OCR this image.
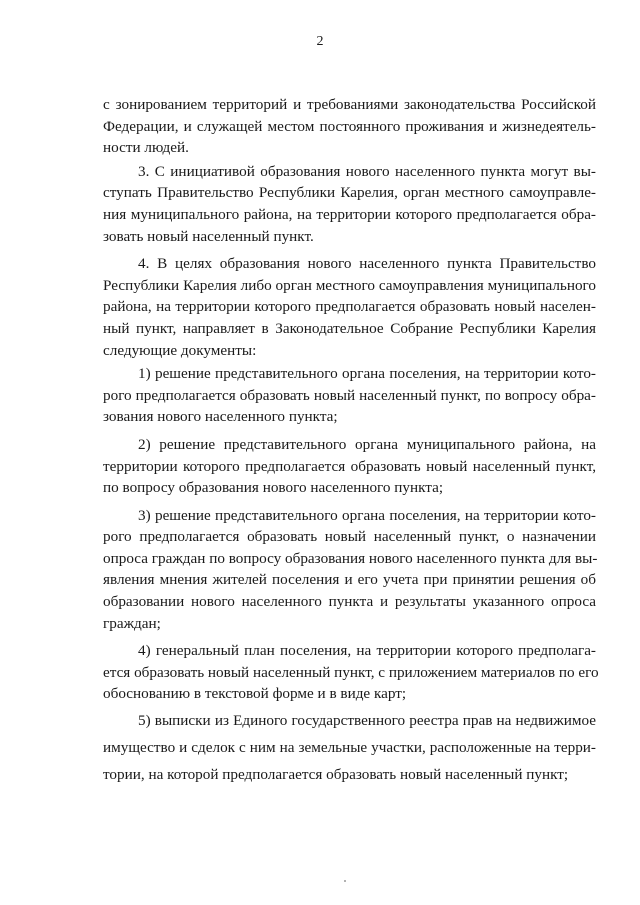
2
с зонированием территорий и требованиями законодательства Российской
Федерации, и служащей местом постоянного проживания и жизнедеятель-
ности людей.
3. С инициативой образования нового населенного пункта могут вы-
ступать Правительство Республики Карелия, орган местного самоуправле-
ния муниципального района, на территории которого предполагается обра-
зовать новый населенный пункт.
4. В целях образования нового населенного пункта Правительство
Республики Карелия либо орган местного самоуправления муниципального
района, на территории которого предполагается образовать новый населен-
ный пункт, направляет в Законодательное Собрание Республики Карелия
следующие документы:
1) решение представительного органа поселения, на территории кото-
рого предполагается образовать новый населенный пункт, по вопросу обра-
зования нового населенного пункта;
2) решение представительного органа муниципального района, на
территории которого предполагается образовать новый населенный пункт,
по вопросу образования нового населенного пункта;
3) решение представительного органа поселения, на территории кото-
рого предполагается образовать новый населенный пункт, о назначении
опроса граждан по вопросу образования нового населенного пункта для вы-
явления мнения жителей поселения и его учета при принятии решения об
образовании нового населенного пункта и результаты указанного опроса
граждан;
4) генеральный план поселения, на территории которого предполага-
ется образовать новый населенный пункт, с приложением материалов по его
обоснованию в текстовой форме и в виде карт;
5) выписки из Единого государственного реестра прав на недвижимое
имущество и сделок с ним на земельные участки, расположенные на терри-
тории, на которой предполагается образовать новый населенный пункт;
